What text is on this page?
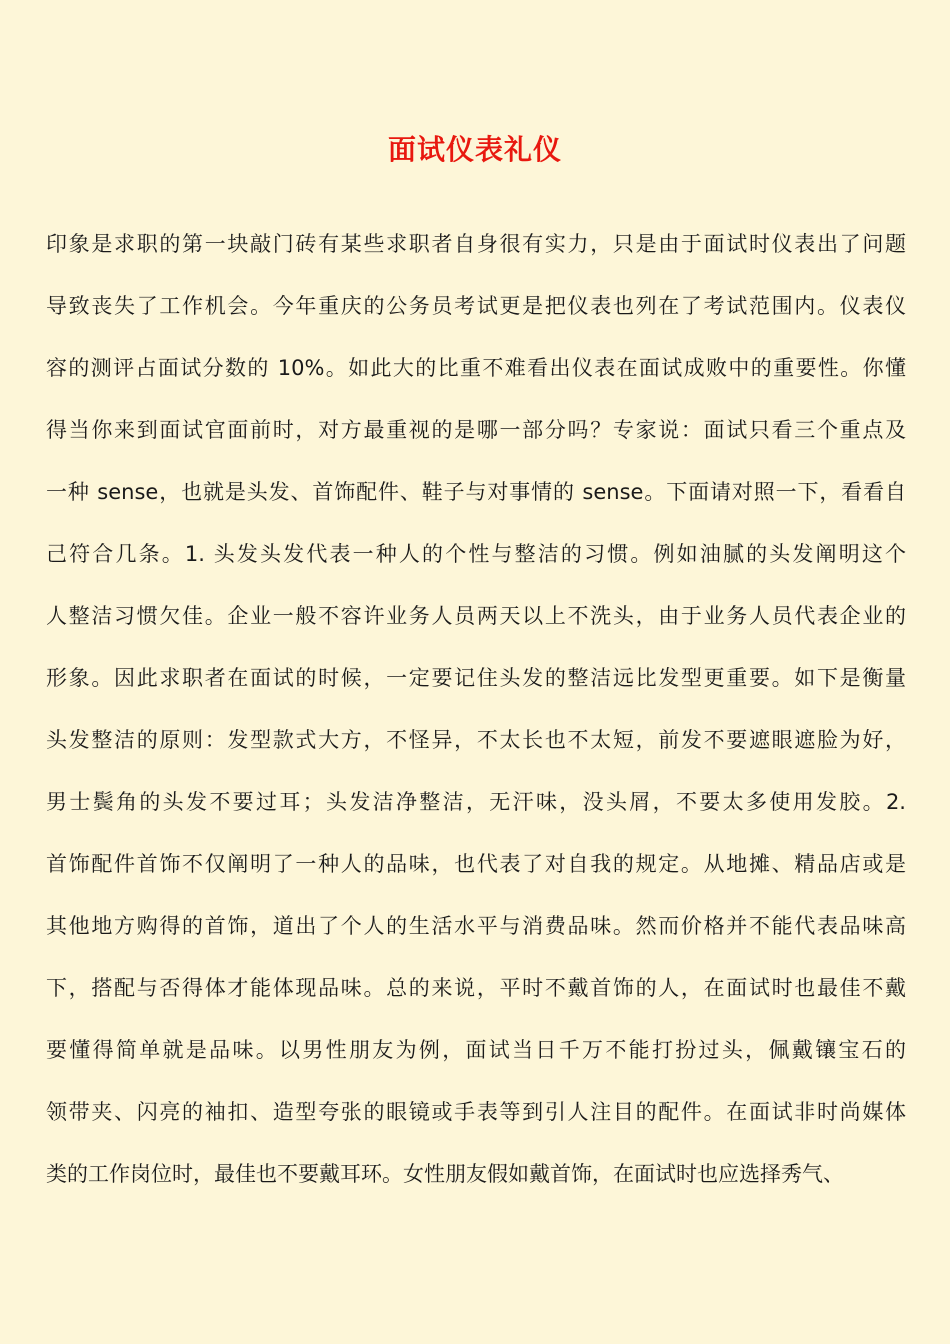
面试仪表礼仪
印象是求职的第一块敲门砖有某些求职者自身很有实力，只是由于面试时仪表出了问题
导致丧失了工作机会。今年重庆的公务员考试更是把仪表也列在了考试范围内。仪表仪
容的测评占面试分数的 10%。如此大的比重不难看出仪表在面试成败中的重要性。你懂
得当你来到面试官面前时，对方最重视的是哪一部分吗？专家说：面试只看三个重点及
一种 sense，也就是头发、首饰配件、鞋子与对事情的 sense。下面请对照一下，看看自
己符合几条。1. 头发头发代表一种人的个性与整洁的习惯。例如油腻的头发阐明这个
人整洁习惯欠佳。企业一般不容许业务人员两天以上不洗头，由于业务人员代表企业的
形象。因此求职者在面试的时候，一定要记住头发的整洁远比发型更重要。如下是衡量
头发整洁的原则：发型款式大方，不怪异，不太长也不太短，前发不要遮眼遮脸为好，
男士鬓角的头发不要过耳；头发洁净整洁，无汗味，没头屑，不要太多使用发胶。2.
首饰配件首饰不仅阐明了一种人的品味，也代表了对自我的规定。从地摊、精品店或是
其他地方购得的首饰，道出了个人的生活水平与消费品味。然而价格并不能代表品味高
下，搭配与否得体才能体现品味。总的来说，平时不戴首饰的人，在面试时也最佳不戴
要懂得简单就是品味。以男性朋友为例，面试当日千万不能打扮过头，佩戴镶宝石的
领带夹、闪亮的袖扣、造型夸张的眼镜或手表等到引人注目的配件。在面试非时尚媒体
类的工作岗位时，最佳也不要戴耳环。女性朋友假如戴首饰，在面试时也应选择秀气、
